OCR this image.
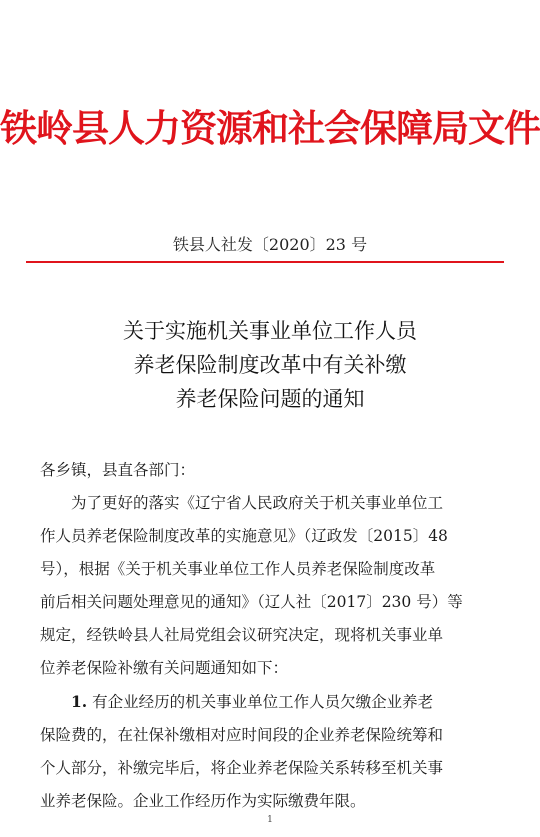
铁岭县人力资源和社会保障局文件
铁县人社发〔2020〕23 号
关于实施机关事业单位工作人员
养老保险制度改革中有关补缴
养老保险问题的通知
各乡镇，县直各部门：
为了更好的落实《辽宁省人民政府关于机关事业单位工
作人员养老保险制度改革的实施意见》（辽政发〔2015〕48
号），根据《关于机关事业单位工作人员养老保险制度改革
前后相关问题处理意见的通知》（辽人社〔2017〕230 号）等
规定，经铁岭县人社局党组会议研究决定，现将机关事业单
位养老保险补缴有关问题通知如下：
1. 有企业经历的机关事业单位工作人员欠缴企业养老
保险费的，在社保补缴相对应时间段的企业养老保险统筹和
个人部分，补缴完毕后，将企业养老保险关系转移至机关事
业养老保险。企业工作经历作为实际缴费年限。
1
